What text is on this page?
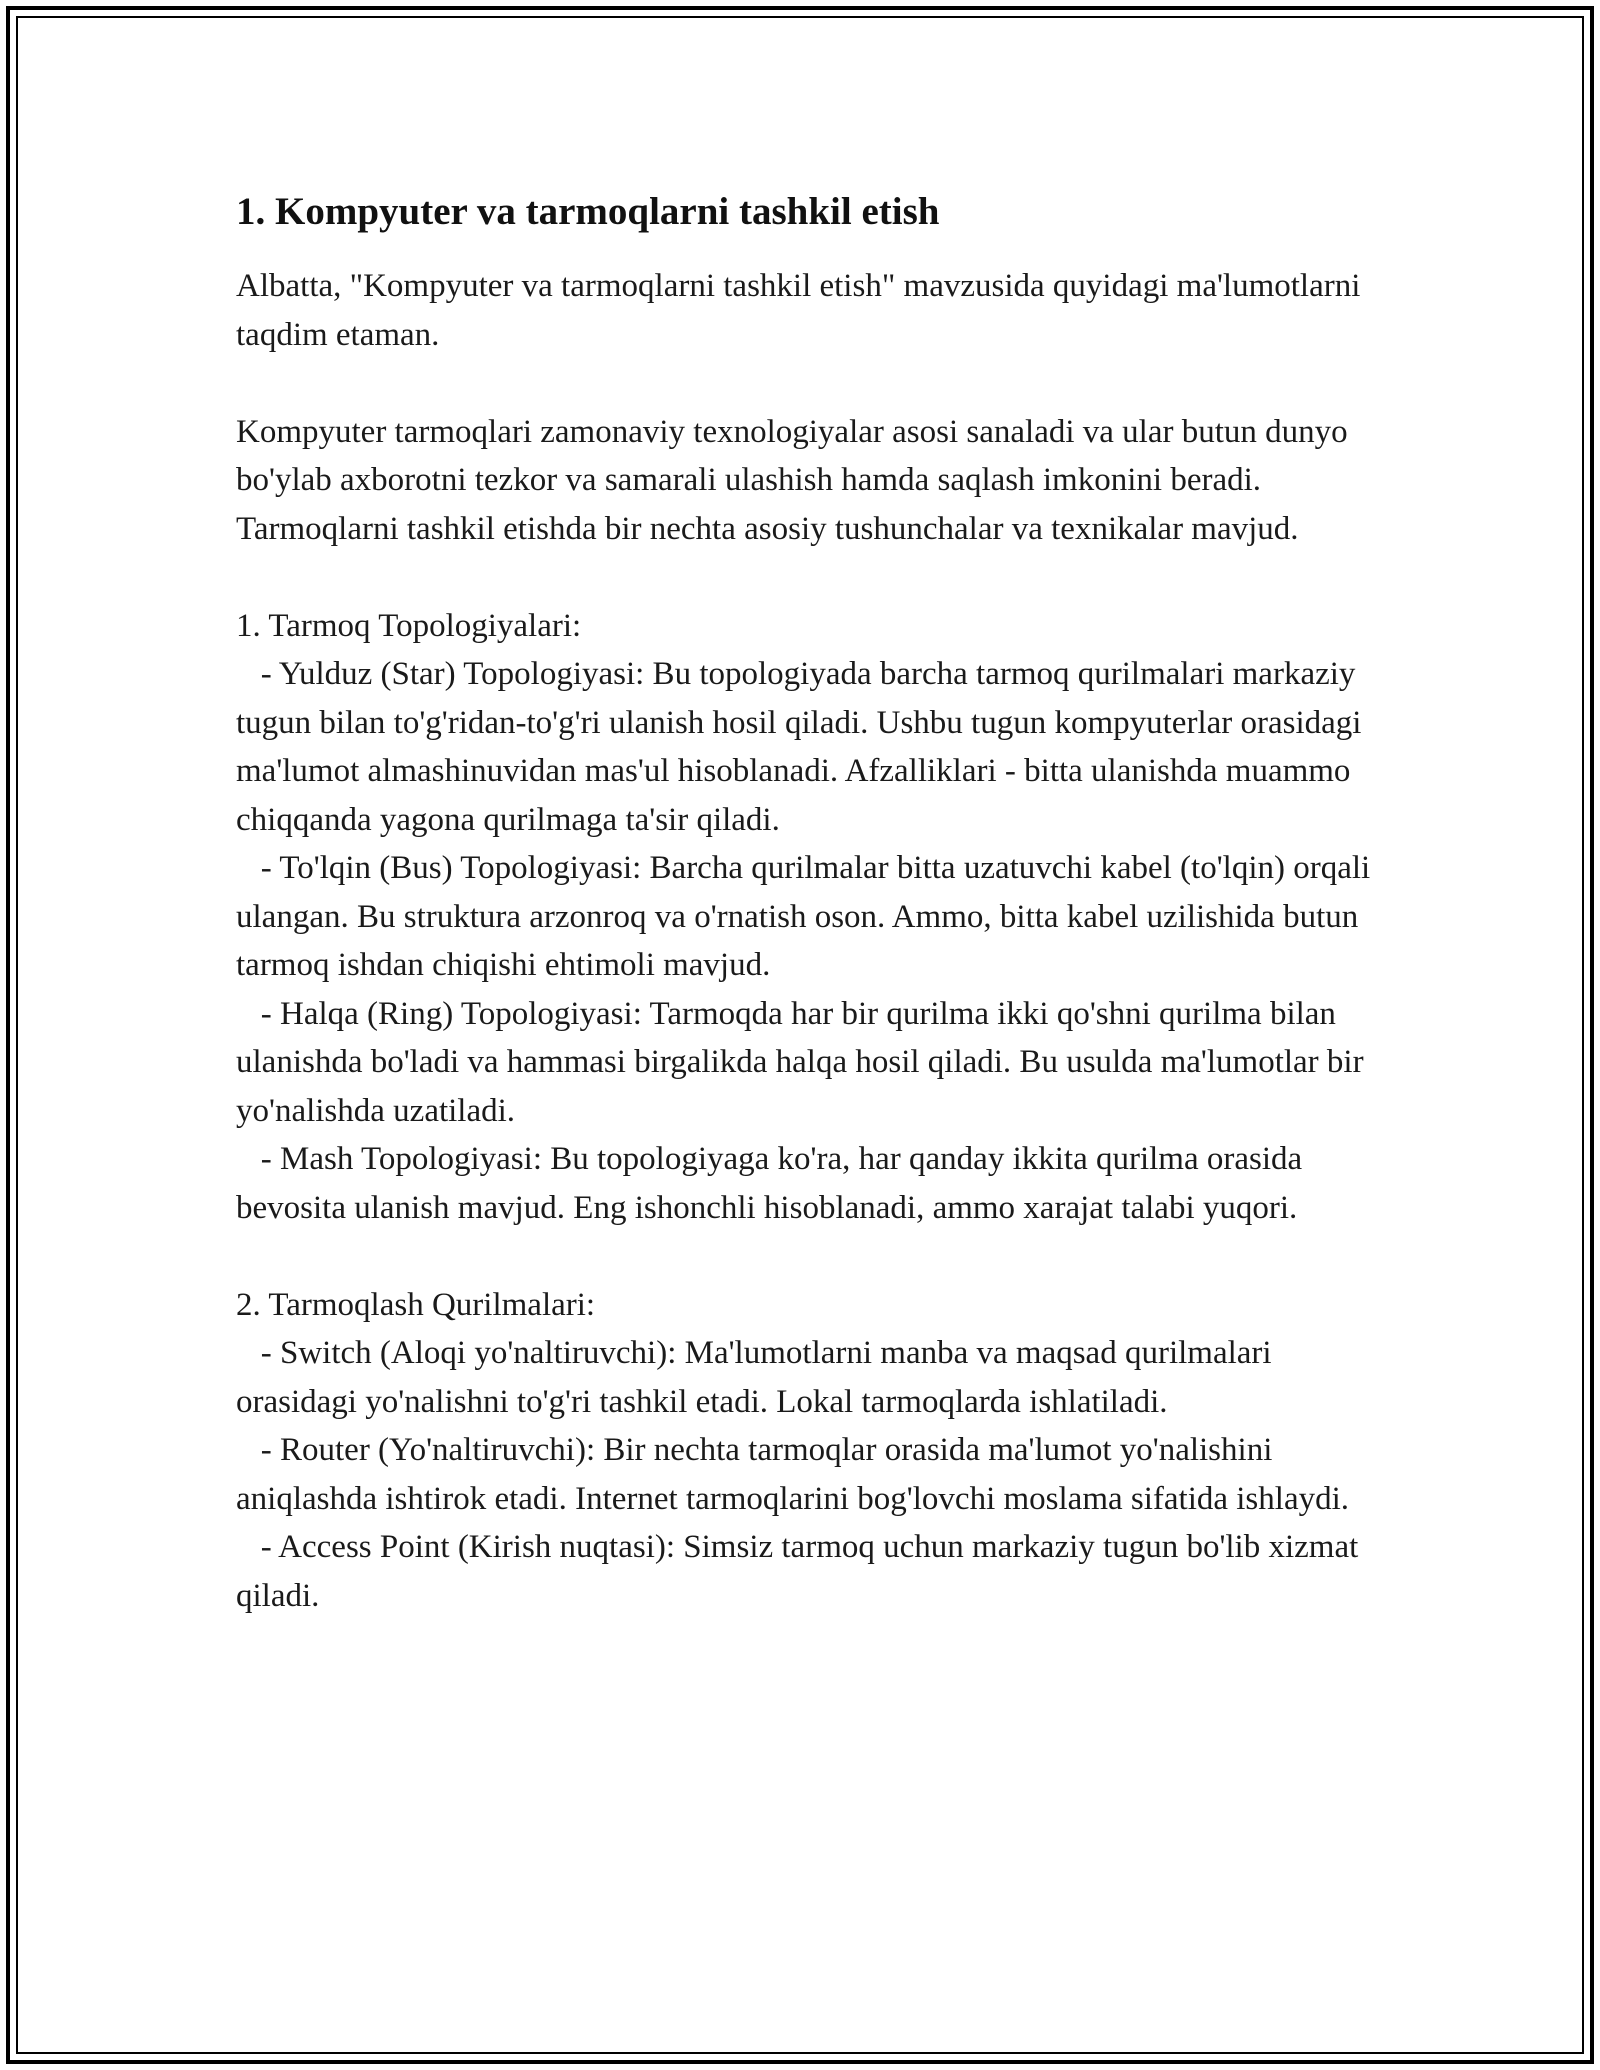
1. Kompyuter va tarmoqlarni tashkil etish

Albatta, "Kompyuter va tarmoqlarni tashkil etish" mavzusida quyidagi ma'lumotlarni taqdim etaman.

Kompyuter tarmoqlari zamonaviy texnologiyalar asosi sanaladi va ular butun dunyo bo'ylab axborotni tezkor va samarali ulashish hamda saqlash imkonini beradi. Tarmoqlarni tashkil etishda bir nechta asosiy tushunchalar va texnikalar mavjud.

1. Tarmoq Topologiyalari:

- Yulduz (Star) Topologiyasi: Bu topologiyada barcha tarmoq qurilmalari markaziy tugun bilan to'g'ridan-to'g'ri ulanish hosil qiladi. Ushbu tugun kompyuterlar orasidagi ma'lumot almashinuvidan mas'ul hisoblanadi. Afzalliklari - bitta ulanishda muammo chiqqanda yagona qurilmaga ta'sir qiladi.

- To'lqin (Bus) Topologiyasi: Barcha qurilmalar bitta uzatuvchi kabel (to'lqin) orqali ulangan. Bu struktura arzonroq va o'rnatish oson. Ammo, bitta kabel uzilishida butun tarmoq ishdan chiqishi ehtimoli mavjud.

- Halqa (Ring) Topologiyasi: Tarmoqda har bir qurilma ikki qo'shni qurilma bilan ulanishda bo'ladi va hammasi birgalikda halqa hosil qiladi. Bu usulda ma'lumotlar bir yo'nalishda uzatiladi.

- Mash Topologiyasi: Bu topologiyaga ko'ra, har qanday ikkita qurilma orasida bevosita ulanish mavjud. Eng ishonchli hisoblanadi, ammo xarajat talabi yuqori.

2. Tarmoqlash Qurilmalari:

- Switch (Aloqi yo'naltiruvchi): Ma'lumotlarni manba va maqsad qurilmalari orasidagi yo'nalishni to'g'ri tashkil etadi. Lokal tarmoqlarda ishlatiladi.

- Router (Yo'naltiruvchi): Bir nechta tarmoqlar orasida ma'lumot yo'nalishini aniqlashda ishtirok etadi. Internet tarmoqlarini bog'lovchi moslama sifatida ishlaydi.

- Access Point (Kirish nuqtasi): Simsiz tarmoq uchun markaziy tugun bo'lib xizmat qiladi.
